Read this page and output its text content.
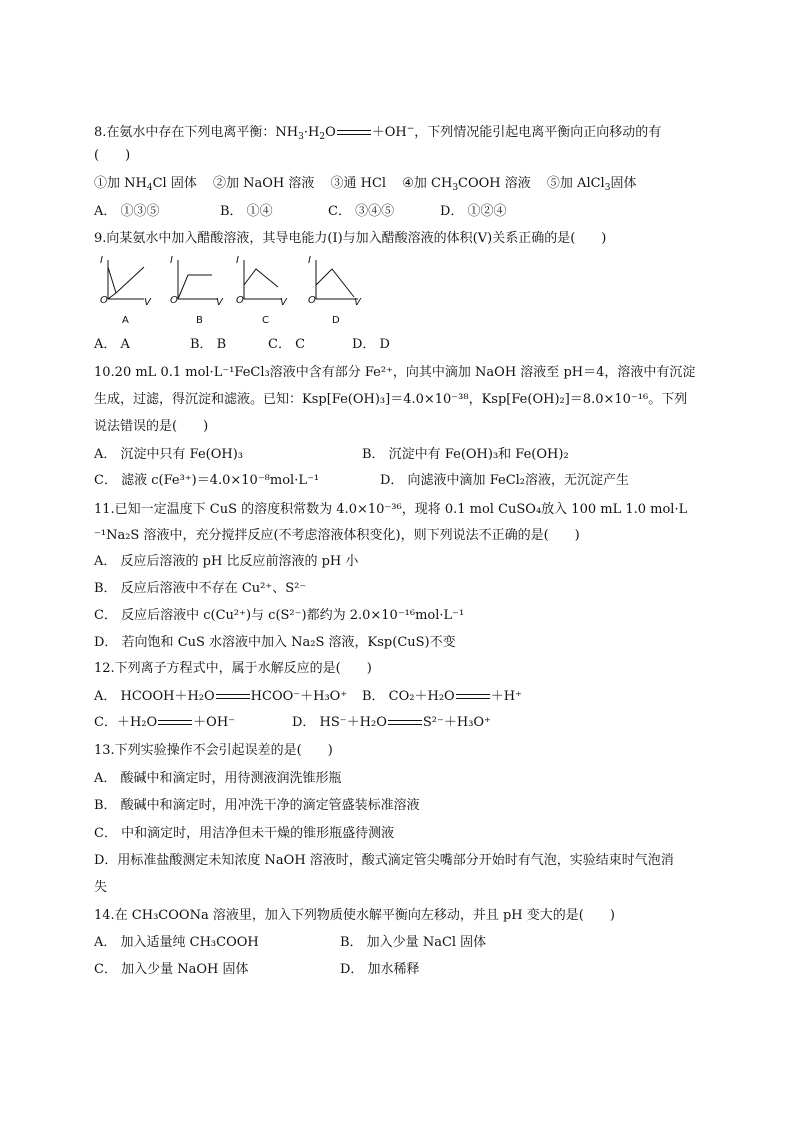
8.在氨水中存在下列电离平衡：$NH_3\cdot H_2O$	＋OH−，下列情况能引起电离平衡向正向移动的有
(　　)
①加 $NH_4Cl$ 固体 ②加 NaOH 溶液 ③通 HCl ④加 $CH_3COOH$ 溶液 ⑤加 AlCl$_3$固体
A． ①③⑤	B． ①④	C． ③④⑤	D． ①②④
9.向某氨水中加入醋酸溶液，其导电能力(I)与加入醋酸溶液的体积(V)关系正确的是(　　)
I
O	V
I
O	V
I
O	V
I
O	V
A	B	C	D
A． A	B． B	C． C	D． D
10.20 mL 0.1 mol·L⁻¹FeCl₃溶液中含有部分 Fe²⁺，向其中滴加 NaOH 溶液至 pH＝4，溶液中有沉淀
生成，过滤，得沉淀和滤液。已知：Ksp[Fe(OH)₃]＝4.0×10⁻³⁸，Ksp[Fe(OH)₂]＝8.0×10⁻¹⁶。下列
说法错误的是(　　)
A． 沉淀中只有 Fe(OH)₃	B． 沉淀中有 Fe(OH)₃和 Fe(OH)₂
C． 滤液 c(Fe³⁺)＝4.0×10⁻⁸mol·L⁻¹	D． 向滤液中滴加 FeCl₂溶液，无沉淀产生
11.已知一定温度下 CuS 的溶度积常数为 4.0×10⁻³⁶，现将 0.1 mol CuSO₄放入 100 mL 1.0 mol·L
⁻¹Na₂S 溶液中，充分搅拌反应(不考虑溶液体积变化)，则下列说法不正确的是(　　)
A． 反应后溶液的 pH 比反应前溶液的 pH 小
B． 反应后溶液中不存在 Cu²⁺、S²⁻
C． 反应后溶液中 c(Cu²⁺)与 c(S²⁻)都约为 2.0×10⁻¹⁶mol·L⁻¹
D． 若向饱和 CuS 水溶液中加入 Na₂S 溶液，Ksp(CuS)不变
12.下列离子方程式中，属于水解反应的是(　　)
A． HCOOH＋H₂O	HCOO⁻＋H₃O⁺ B． CO₂＋H₂O	＋H⁺
C．＋H₂O	＋OH⁻	D． HS⁻＋H₂O	S²⁻＋H₃O⁺
13.下列实验操作不会引起误差的是(　　)
A． 酸碱中和滴定时，用待测液润洗锥形瓶
B． 酸碱中和滴定时，用冲洗干净的滴定管盛装标准溶液
C． 中和滴定时，用洁净但未干燥的锥形瓶盛待测液
D．用标准盐酸测定未知浓度 NaOH 溶液时，酸式滴定管尖嘴部分开始时有气泡，实验结束时气泡消
失
14.在 CH₃COONa 溶液里，加入下列物质使水解平衡向左移动，并且 pH 变大的是(　　)
A． 加入适量纯 CH₃COOH	B． 加入少量 NaCl 固体
C． 加入少量 NaOH 固体	D． 加水稀释
